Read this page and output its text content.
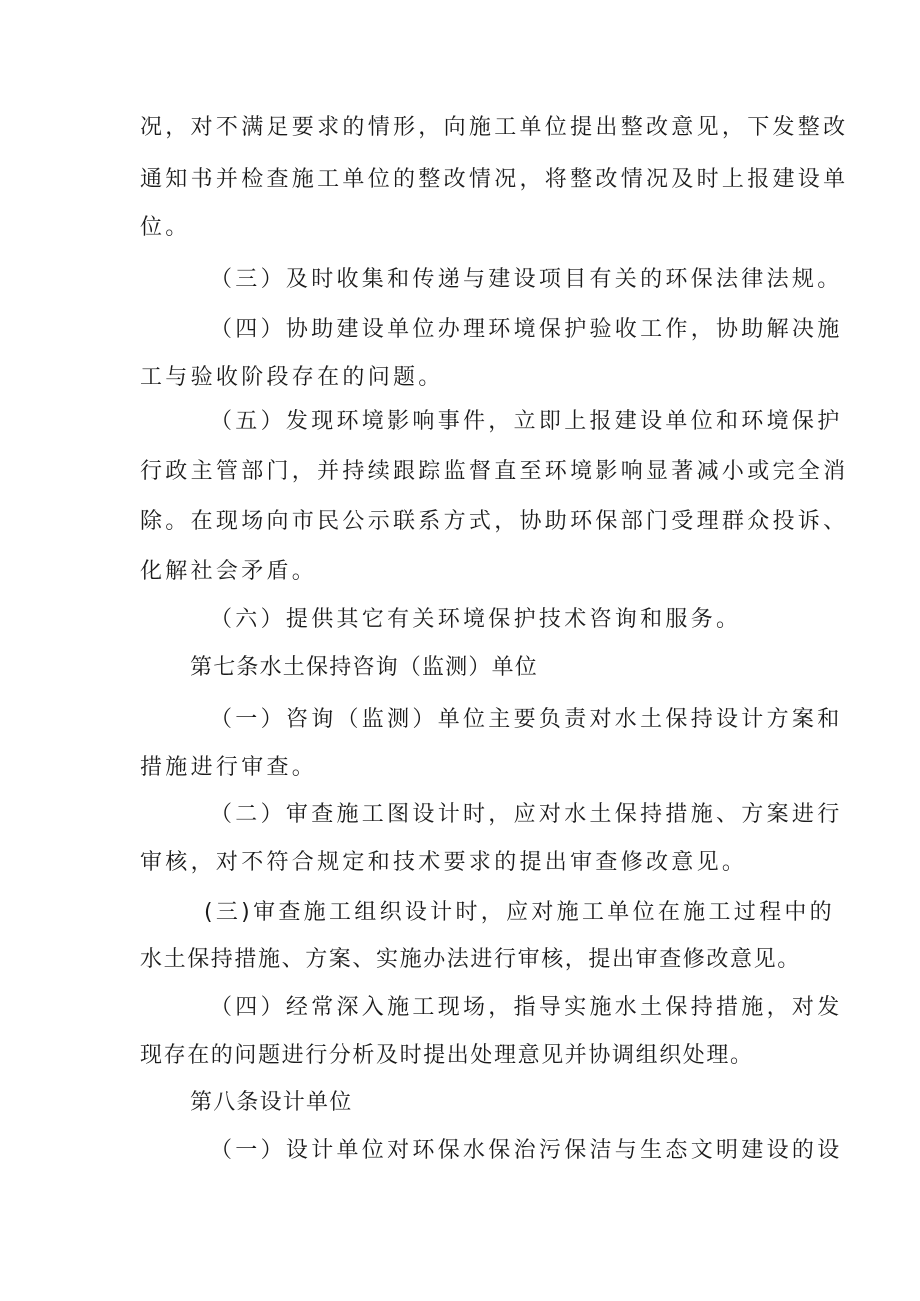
况，对不满足要求的情形，向施工单位提出整改意见，下发整改
通知书并检查施工单位的整改情况，将整改情况及时上报建设单
位。
（三）及时收集和传递与建设项目有关的环保法律法规。
（四）协助建设单位办理环境保护验收工作，协助解决施
工与验收阶段存在的问题。
（五）发现环境影响事件，立即上报建设单位和环境保护
行政主管部门，并持续跟踪监督直至环境影响显著减小或完全消
除。在现场向市民公示联系方式，协助环保部门受理群众投诉、
化解社会矛盾。
（六）提供其它有关环境保护技术咨询和服务。
第七条水土保持咨询（监测）单位
（一）咨询（监测）单位主要负责对水土保持设计方案和
措施进行审查。
（二）审查施工图设计时，应对水土保持措施、方案进行
审核，对不符合规定和技术要求的提出审查修改意见。
(三)审查施工组织设计时，应对施工单位在施工过程中的
水土保持措施、方案、实施办法进行审核，提出审查修改意见。
（四）经常深入施工现场，指导实施水土保持措施，对发
现存在的问题进行分析及时提出处理意见并协调组织处理。
第八条设计单位
（一）设计单位对环保水保治污保洁与生态文明建设的设
